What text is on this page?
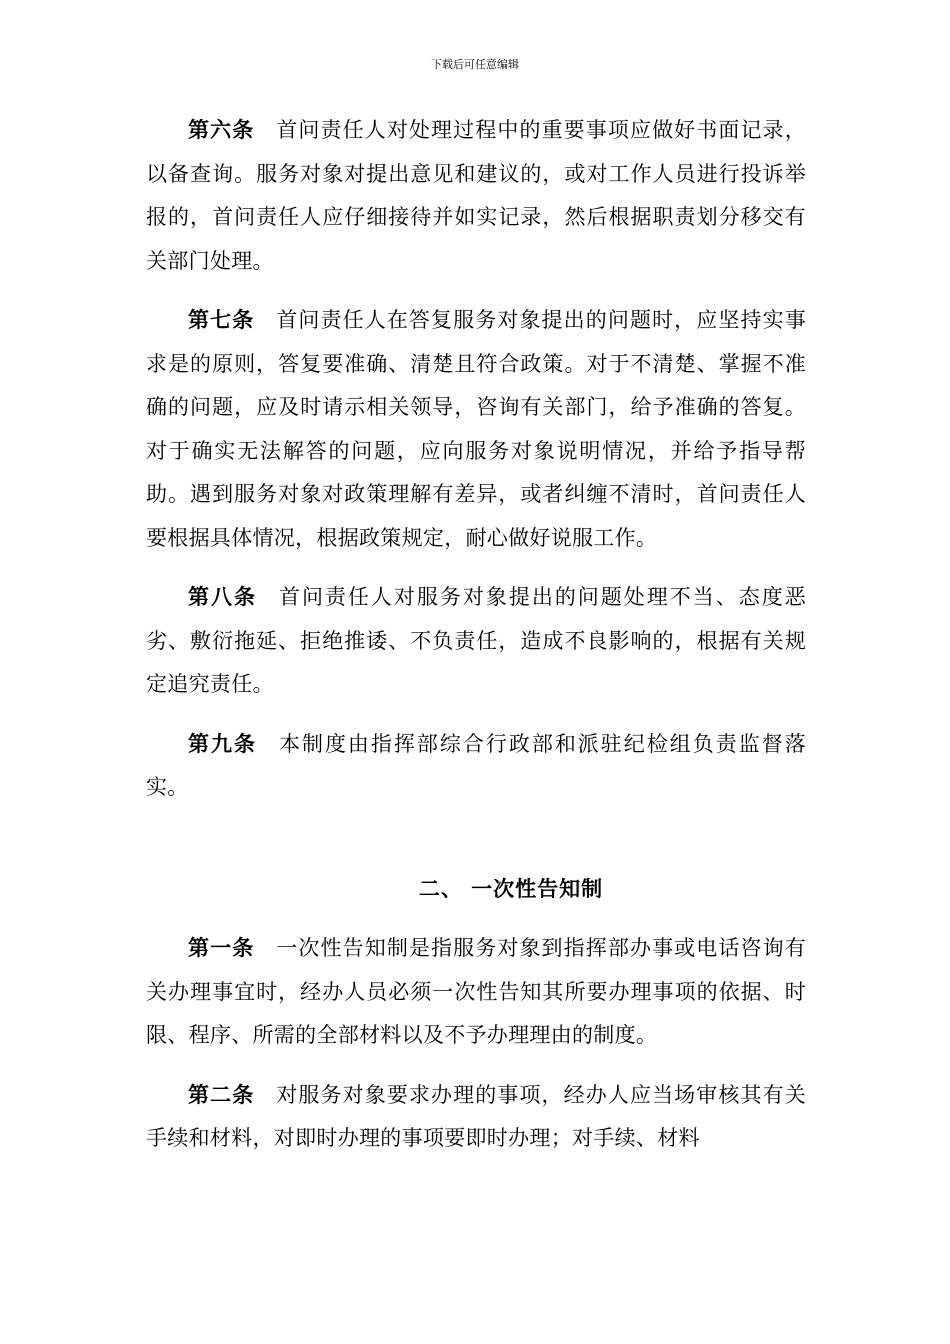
下载后可任意编辑

第六条 首问责任人对处理过程中的重要事项应做好书面记录，以备查询。服务对象对提出意见和建议的，或对工作人员进行投诉举报的，首问责任人应仔细接待并如实记录，然后根据职责划分移交有关部门处理。

第七条 首问责任人在答复服务对象提出的问题时，应坚持实事求是的原则，答复要准确、清楚且符合政策。对于不清楚、掌握不准确的问题，应及时请示相关领导，咨询有关部门，给予准确的答复。对于确实无法解答的问题，应向服务对象说明情况，并给予指导帮助。遇到服务对象对政策理解有差异，或者纠缠不清时，首问责任人要根据具体情况，根据政策规定，耐心做好说服工作。

第八条 首问责任人对服务对象提出的问题处理不当、态度恶劣、敷衍拖延、拒绝推诿、不负责任，造成不良影响的，根据有关规定追究责任。

第九条 本制度由指挥部综合行政部和派驻纪检组负责监督落实。

二、 一次性告知制

第一条 一次性告知制是指服务对象到指挥部办事或电话咨询有关办理事宜时，经办人员必须一次性告知其所要办理事项的依据、时限、程序、所需的全部材料以及不予办理理由的制度。

第二条 对服务对象要求办理的事项，经办人应当场审核其有关手续和材料，对即时办理的事项要即时办理；对手续、材料
